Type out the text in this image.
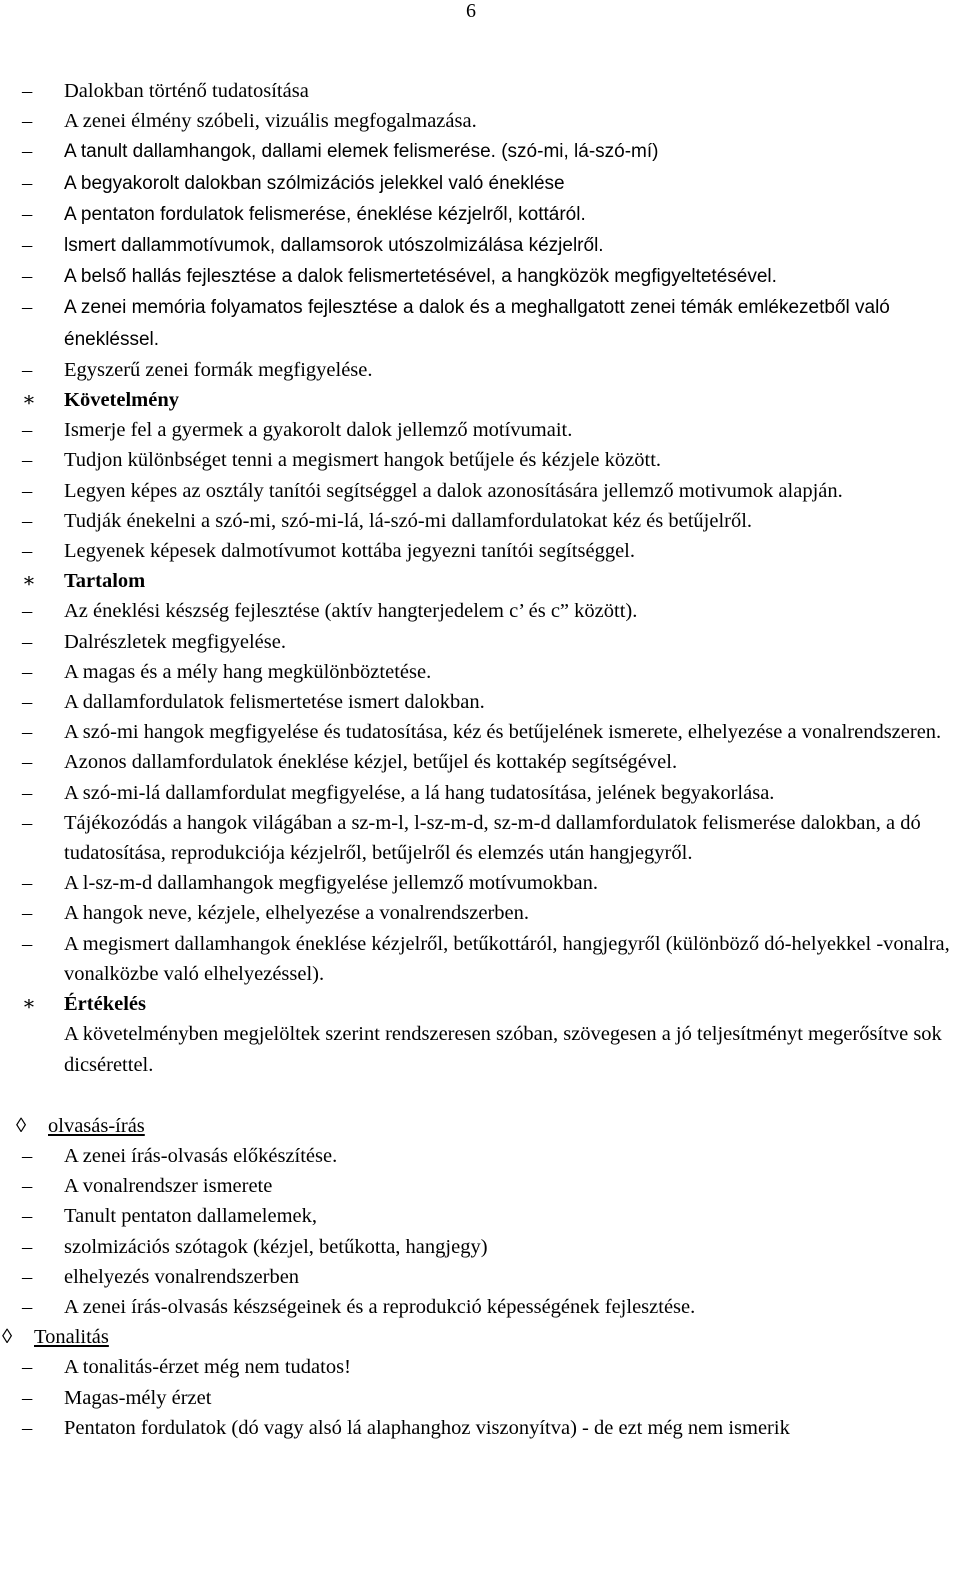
6
–	Dalokban történő tudatosítása
–	A zenei élmény szóbeli, vizuális megfogalmazása.
–	A tanult dallamhangok, dallami elemek felismerése. (szó-mi, lá-szó-mí)
–	A begyakorolt dalokban szólmizációs jelekkel való éneklése
–	A pentaton fordulatok felismerése, éneklése kézjelről, kottáról.
–	lsmert dallammotívumok, dallamsorok utószolmizálása kézjelről.
–	A belső hallás fejlesztése a dalok felismertetésével, a hangközök megfigyeltetésével.
–	A zenei memória folyamatos fejlesztése a dalok és a meghallgatott zenei témák emlékezetből való énekléssel.
–	Egyszerű zenei formák megfigyelése.
∗ Követelmény
–	Ismerje fel a gyermek a gyakorolt dalok jellemző motívumait.
–	Tudjon különbséget tenni a megismert hangok betűjele és kézjele között.
–	Legyen képes az osztály tanítói segítséggel a dalok azonosítására jellemző motivumok alapján.
–	Tudják énekelni a szó-mi, szó-mi-lá, lá-szó-mi dallamfordulatokat kéz és betűjelről.
–	Legyenek képesek dalmotívumot kottába jegyezni tanítói segítséggel.
∗ Tartalom
–	Az éneklési készség fejlesztése (aktív hangterjedelem c’ és c” között).
–	Dalrészletek megfigyelése.
–	A magas és a mély hang megkülönböztetése.
–	A dallamfordulatok felismertetése ismert dalokban.
–	A szó-mi hangok megfigyelése és tudatosítása, kéz és betűjelének ismerete, elhelyezése a vonalrendszeren.
–	Azonos dallamfordulatok éneklése kézjel, betűjel és kottakép segítségével.
–	A szó-mi-lá dallamfordulat megfigyelése, a lá hang tudatosítása, jelének begyakorlása.
–	Tájékozódás a hangok világában a sz-m-l, l-sz-m-d, sz-m-d dallamfordulatok felismerése dalokban, a dó tudatosítása, reprodukciója kézjelről, betűjelről és elemzés után hangjegyről.
–	A l-sz-m-d dallamhangok megfigyelése jellemző motívumokban.
–	A hangok neve, kézjele, elhelyezése a vonalrendszerben.
–	A megismert dallamhangok éneklése kézjelről, betűkottáról, hangjegyről (különböző dó-helyekkel -vonalra, vonalközbe való elhelyezéssel).
∗ Értékelés
A követelményben megjelöltek szerint rendszeresen szóban, szövegesen a jó teljesítményt megerősítve sok dicsérettel.
◊ olvasás-írás
–	A zenei írás-olvasás előkészítése.
–	A vonalrendszer ismerete
–	Tanult pentaton dallamelemek,
–	szolmizációs szótagok (kézjel, betűkotta, hangjegy)
–	elhelyezés vonalrendszerben
–	A zenei írás-olvasás készségeinek és a reprodukció képességének fejlesztése.
◊ Tonalitás
–	A tonalitás-érzet még nem tudatos!
–	Magas-mély érzet
–	Pentaton fordulatok (dó vagy alsó lá alaphanghoz viszonyítva) - de ezt még nem ismerik
